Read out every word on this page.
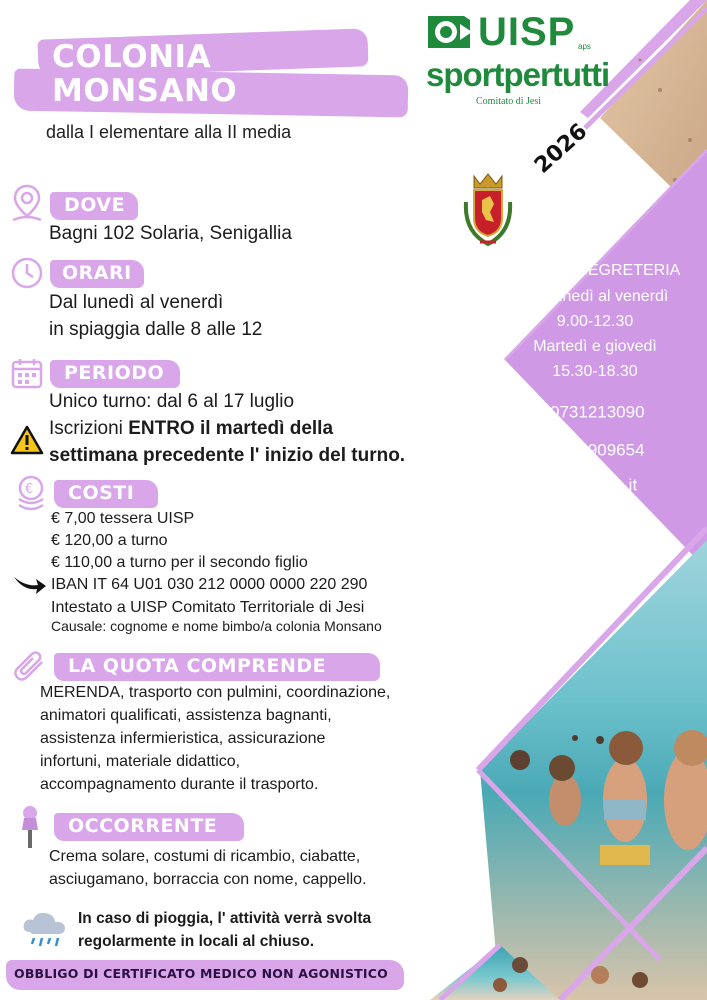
COLONIA
MONSANO
dalla I elementare alla II media
UISP aps
sportpertutti
Comitato di Jesi
2026
DOVE
Bagni 102 Solaria, Senigallia
ORARI
Dal lunedì al venerdì
in spiaggia dalle 8 alle 12
PERIODO
Unico turno: dal 6 al 17 luglio
Iscrizioni ENTRO il martedì della
settimana precedente l' inizio del turno.
€ COSTI
€ 7,00 tessera UISP
€ 120,00 a turno
€ 110,00 a turno per il secondo figlio
IBAN IT 64 U01 030 212 0000 0000 220 290
Intestato a UISP Comitato Territoriale di Jesi
Causale: cognome e nome bimbo/a colonia Monsano
LA QUOTA COMPRENDE
MERENDA, trasporto con pulmini, coordinazione,
animatori qualificati, assistenza bagnanti,
assistenza infermieristica, assicurazione
infortuni, materiale didattico,
accompagnamento durante il trasporto.
OCCORRENTE
Crema solare, costumi di ricambio, ciabatte,
asciugamano, borraccia con nome, cappello.
In caso di pioggia, l' attività verrà svolta
regolarmente in locali al chiuso.
OBBLIGO DI CERTIFICATO MEDICO NON AGONISTICO
ORARIO SEGRETERIA
Dal lunedì al venerdì
9.00-12.30
Martedì e giovedì
15.30-18.30
0731213090
3206909654
jesi@uisp.it
